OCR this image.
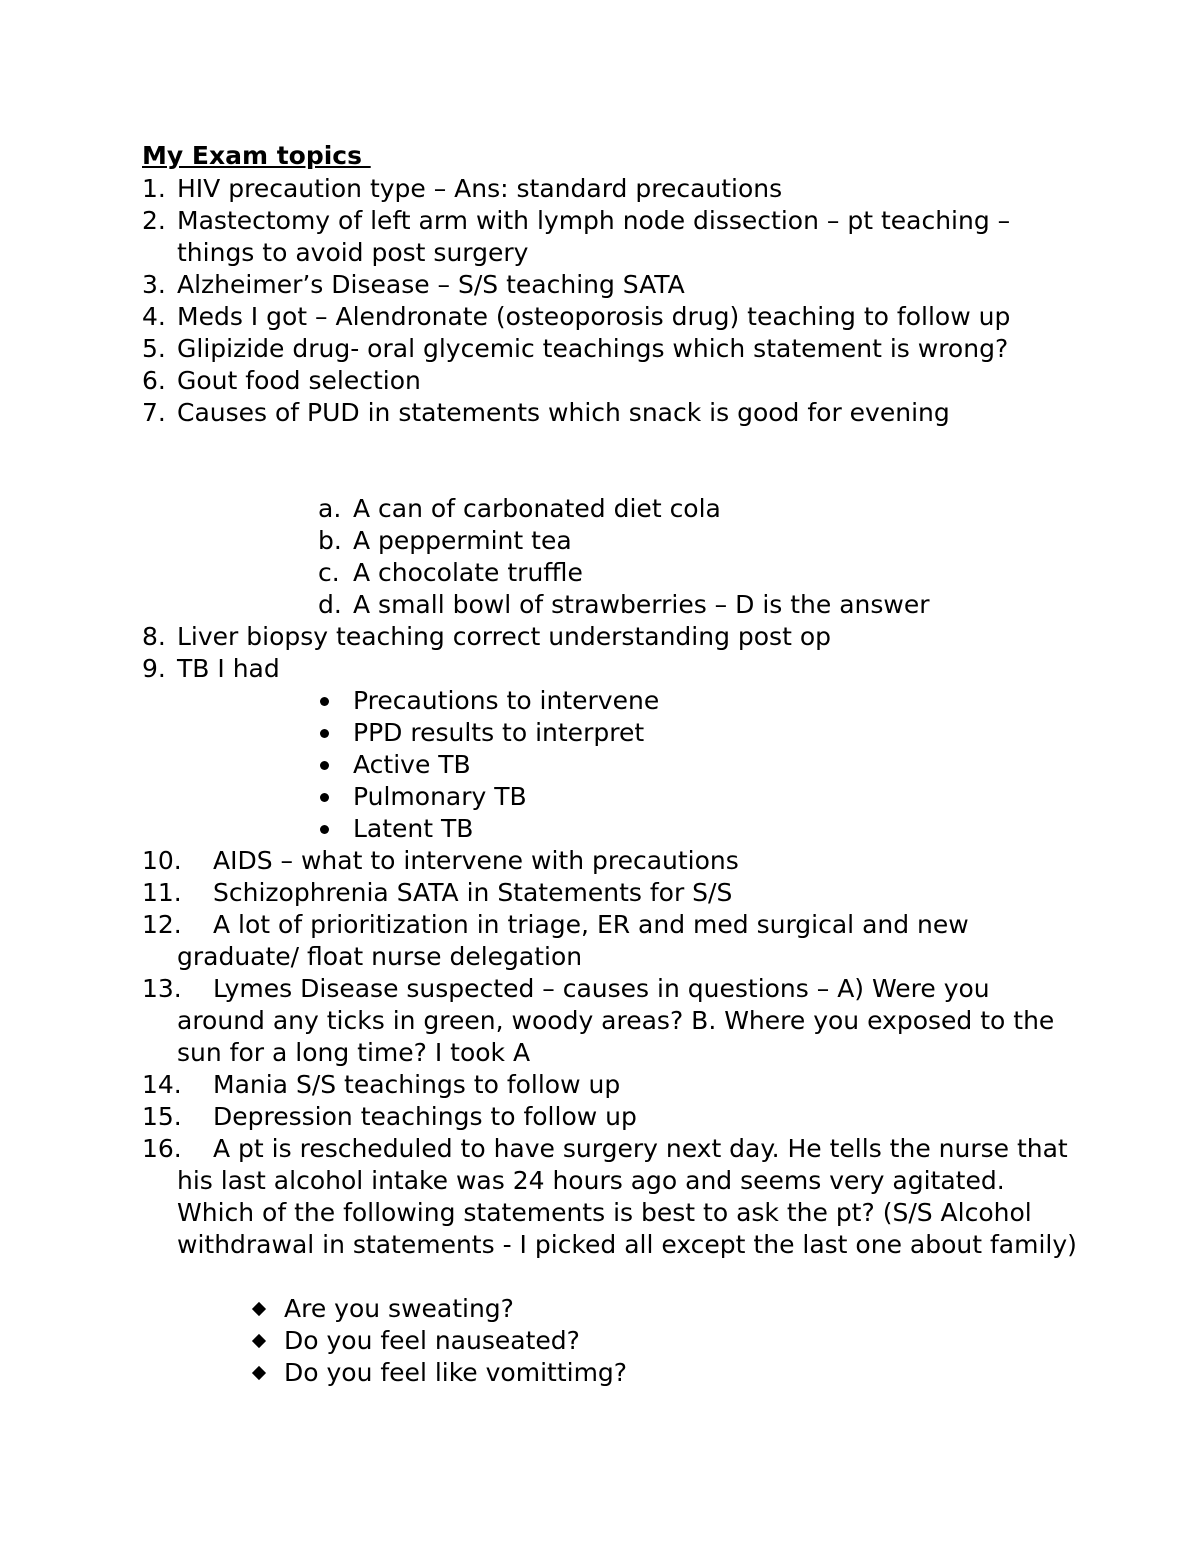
My Exam topics
1. HIV precaution type – Ans: standard precautions
2. Mastectomy of left arm with lymph node dissection – pt teaching –things to avoid post surgery
3. Alzheimer’s Disease – S/S teaching SATA
4. Meds I got – Alendronate (osteoporosis drug) teaching to follow up
5. Glipizide drug- oral glycemic teachings which statement is wrong?
6. Gout food selection
7. Causes of PUD in statements which snack is good for evening
a. A can of carbonated diet cola
b. A peppermint tea
c. A chocolate truffle
d. A small bowl of strawberries – D is the answer
8. Liver biopsy teaching correct understanding post op
9. TB I had
Precautions to intervene
PPD results to interpret
Active TB
Pulmonary TB
Latent TB
10. AIDS – what to intervene with precautions
11. Schizophrenia SATA in Statements for S/S
12. A lot of prioritization in triage, ER and med surgical and new graduate/ float nurse delegation
13. Lymes Disease suspected – causes in questions – A) Were you around any ticks in green, woody areas? B. Where you exposed to the sun for a long time? I took A
14. Mania S/S teachings to follow up
15. Depression teachings to follow up
16. A pt is rescheduled to have surgery next day. He tells the nurse that his last alcohol intake was 24 hours ago and seems very agitated. Which of the following statements is best to ask the pt? (S/S Alcohol withdrawal in statements - I picked all except the last one about family)
Are you sweating?
Do you feel nauseated?
Do you feel like vomittimg?
